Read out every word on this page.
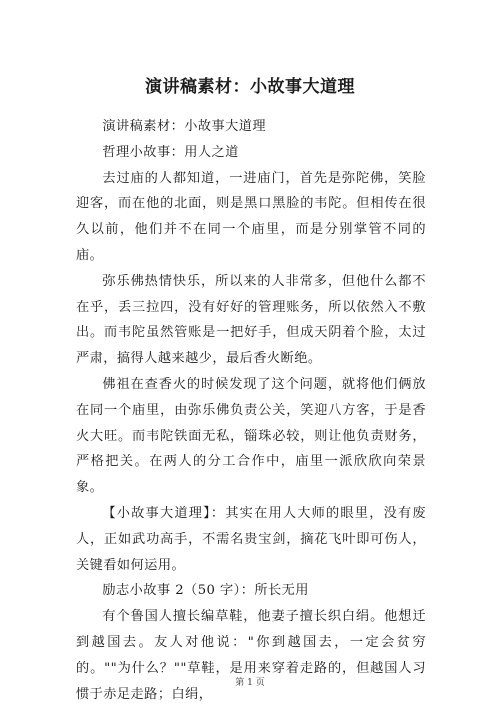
演讲稿素材：小故事大道理

演讲稿素材：小故事大道理

哲理小故事：用人之道

去过庙的人都知道，一进庙门，首先是弥陀佛，笑脸迎客，而在他的北面，则是黑口黑脸的韦陀。但相传在很久以前，他们并不在同一个庙里，而是分别掌管不同的庙。

弥乐佛热情快乐，所以来的人非常多，但他什么都不在乎，丢三拉四，没有好好的管理账务，所以依然入不敷出。而韦陀虽然管账是一把好手，但成天阴着个脸，太过严肃，搞得人越来越少，最后香火断绝。

佛祖在查香火的时候发现了这个问题，就将他们俩放在同一个庙里，由弥乐佛负责公关，笑迎八方客，于是香火大旺。而韦陀铁面无私，锱珠必较，则让他负责财务，严格把关。在两人的分工合作中，庙里一派欣欣向荣景象。

【小故事大道理】：其实在用人大师的眼里，没有废人，正如武功高手，不需名贵宝剑，摘花飞叶即可伤人，关键看如何运用。

励志小故事 2（50 字）：所长无用

有个鲁国人擅长编草鞋，他妻子擅长织白绢。他想迁到越国去。友人对他说："你到越国去，一定会贫穷的。""为什么？""草鞋，是用来穿着走路的，但越国人习惯于赤足走路；白绢，

第 1 页
